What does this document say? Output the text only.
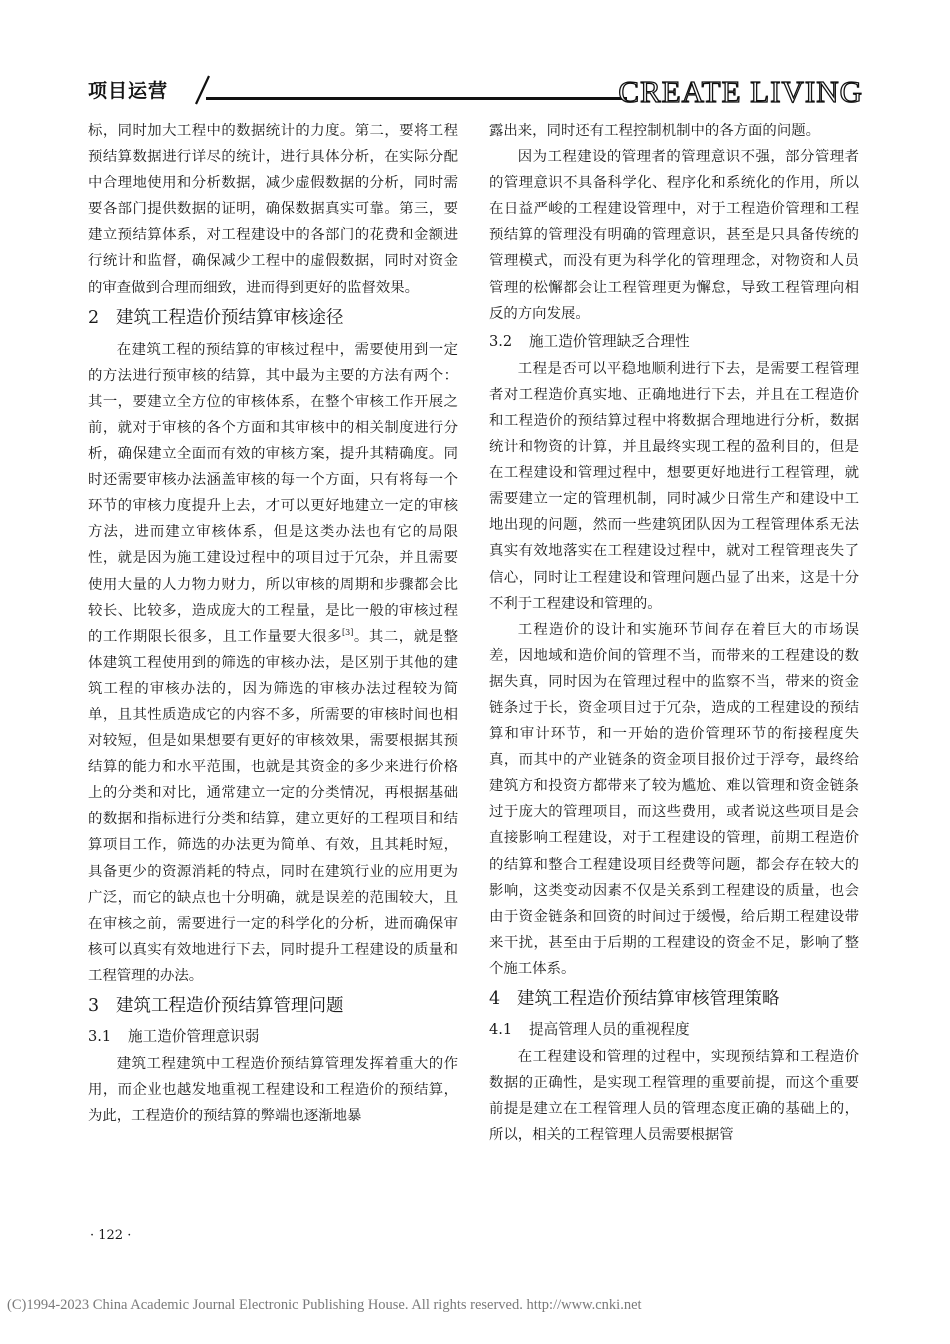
项目运营	CREATE LIVING

标，同时加大工程中的数据统计的力度。第二，要将工程预结算数据进行详尽的统计，进行具体分析，在实际分配中合理地使用和分析数据，减少虚假数据的分析，同时需要各部门提供数据的证明，确保数据真实可靠。第三，要建立预结算体系，对工程建设中的各部门的花费和金额进行统计和监督，确保减少工程中的虚假数据，同时对资金的审查做到合理而细致，进而得到更好的监督效果。

2 建筑工程造价预结算审核途径

在建筑工程的预结算的审核过程中，需要使用到一定的方法进行预审核的结算，其中最为主要的方法有两个：其一，要建立全方位的审核体系，在整个审核工作开展之前，就对于审核的各个方面和其审核中的相关制度进行分析，确保建立全面而有效的审核方案，提升其精确度。同时还需要审核办法涵盖审核的每一个方面，只有将每一个环节的审核力度提升上去，才可以更好地建立一定的审核方法，进而建立审核体系，但是这类办法也有它的局限性，就是因为施工建设过程中的项目过于冗杂，并且需要使用大量的人力物力财力，所以审核的周期和步骤都会比较长、比较多，造成庞大的工程量，是比一般的审核过程的工作期限长很多，且工作量要大很多[3]。其二，就是整体建筑工程使用到的筛选的审核办法，是区别于其他的建筑工程的审核办法的，因为筛选的审核办法过程较为简单，且其性质造成它的内容不多，所需要的审核时间也相对较短，但是如果想要有更好的审核效果，需要根据其预结算的能力和水平范围，也就是其资金的多少来进行价格上的分类和对比，通常建立一定的分类情况，再根据基础的数据和指标进行分类和结算，建立更好的工程项目和结算项目工作，筛选的办法更为简单、有效，且其耗时短，具备更少的资源消耗的特点，同时在建筑行业的应用更为广泛，而它的缺点也十分明确，就是误差的范围较大，且在审核之前，需要进行一定的科学化的分析，进而确保审核可以真实有效地进行下去，同时提升工程建设的质量和工程管理的办法。

3 建筑工程造价预结算管理问题
3.1 施工造价管理意识弱

建筑工程建筑中工程造价预结算管理发挥着重大的作用，而企业也越发地重视工程建设和工程造价的预结算，为此，工程造价的预结算的弊端也逐渐地暴

露出来，同时还有工程控制机制中的各方面的问题。

因为工程建设的管理者的管理意识不强，部分管理者的管理意识不具备科学化、程序化和系统化的作用，所以在日益严峻的工程建设管理中，对于工程造价管理和工程预结算的管理没有明确的管理意识，甚至是只具备传统的管理模式，而没有更为科学化的管理理念，对物资和人员管理的松懈都会让工程管理更为懈怠，导致工程管理向相反的方向发展。

3.2 施工造价管理缺乏合理性

工程是否可以平稳地顺利进行下去，是需要工程管理者对工程造价真实地、正确地进行下去，并且在工程造价和工程造价的预结算过程中将数据合理地进行分析，数据统计和物资的计算，并且最终实现工程的盈利目的，但是在工程建设和管理过程中，想要更好地进行工程管理，就需要建立一定的管理机制，同时减少日常生产和建设中工地出现的问题，然而一些建筑团队因为工程管理体系无法真实有效地落实在工程建设过程中，就对工程管理丧失了信心，同时让工程建设和管理问题凸显了出来，这是十分不利于工程建设和管理的。

工程造价的设计和实施环节间存在着巨大的市场误差，因地域和造价间的管理不当，而带来的工程建设的数据失真，同时因为在管理过程中的监察不当，带来的资金链条过于长，资金项目过于冗杂，造成的工程建设的预结算和审计环节，和一开始的造价管理环节的衔接程度失真，而其中的产业链条的资金项目报价过于浮夸，最终给建筑方和投资方都带来了较为尴尬、难以管理和资金链条过于庞大的管理项目，而这些费用，或者说这些项目是会直接影响工程建设，对于工程建设的管理，前期工程造价的结算和整合工程建设项目经费等问题，都会存在较大的影响，这类变动因素不仅是关系到工程建设的质量，也会由于资金链条和回资的时间过于缓慢，给后期工程建设带来干扰，甚至由于后期的工程建设的资金不足，影响了整个施工体系。

4 建筑工程造价预结算审核管理策略
4.1 提高管理人员的重视程度

在工程建设和管理的过程中，实现预结算和工程造价数据的正确性，是实现工程管理的重要前提，而这个重要前提是建立在工程管理人员的管理态度正确的基础上的，所以，相关的工程管理人员需要根据管

· 122 ·
(C)1994-2023 China Academic Journal Electronic Publishing House. All rights reserved. http://www.cnki.net
